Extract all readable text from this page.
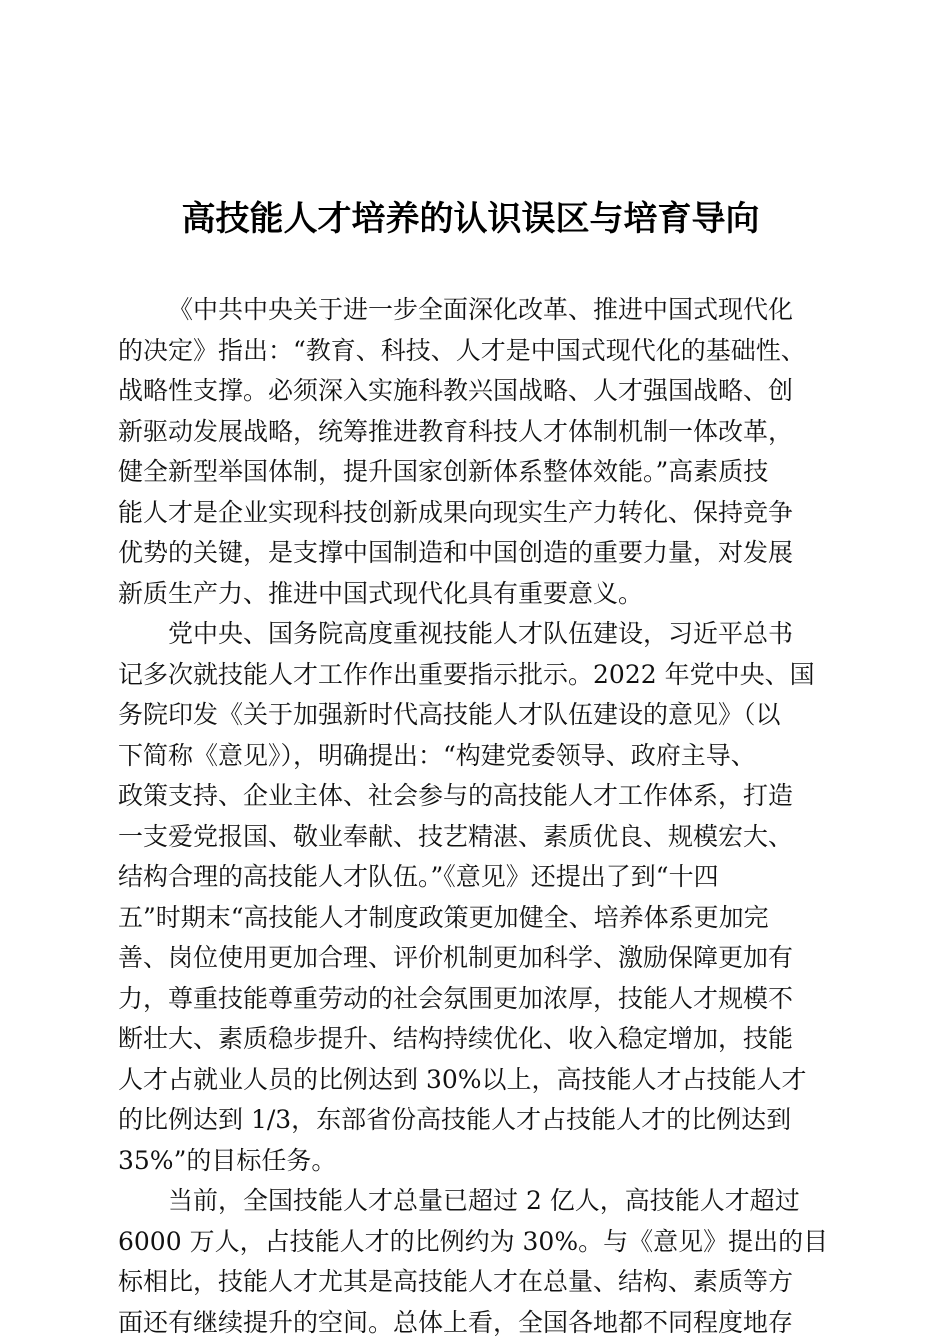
高技能人才培养的认识误区与培育导向
《中共中央关于进一步全面深化改革、推进中国式现代化
的决定》指出：“教育、科技、人才是中国式现代化的基础性、
战略性支撑。必须深入实施科教兴国战略、人才强国战略、创
新驱动发展战略，统筹推进教育科技人才体制机制一体改革，
健全新型举国体制，提升国家创新体系整体效能。”高素质技
能人才是企业实现科技创新成果向现实生产力转化、保持竞争
优势的关键，是支撑中国制造和中国创造的重要力量，对发展
新质生产力、推进中国式现代化具有重要意义。
党中央、国务院高度重视技能人才队伍建设，习近平总书
记多次就技能人才工作作出重要指示批示。2022 年党中央、国
务院印发《关于加强新时代高技能人才队伍建设的意见》（以
下简称《意见》），明确提出：“构建党委领导、政府主导、
政策支持、企业主体、社会参与的高技能人才工作体系，打造
一支爱党报国、敬业奉献、技艺精湛、素质优良、规模宏大、
结构合理的高技能人才队伍。”《意见》还提出了到“十四
五”时期末“高技能人才制度政策更加健全、培养体系更加完
善、岗位使用更加合理、评价机制更加科学、激励保障更加有
力，尊重技能尊重劳动的社会氛围更加浓厚，技能人才规模不
断壮大、素质稳步提升、结构持续优化、收入稳定增加，技能
人才占就业人员的比例达到 30%以上，高技能人才占技能人才
的比例达到 1/3，东部省份高技能人才占技能人才的比例达到
35%”的目标任务。
当前，全国技能人才总量已超过 2 亿人，高技能人才超过
6000 万人，占技能人才的比例约为 30%。与《意见》提出的目
标相比，技能人才尤其是高技能人才在总量、结构、素质等方
面还有继续提升的空间。总体上看，全国各地都不同程度地存
